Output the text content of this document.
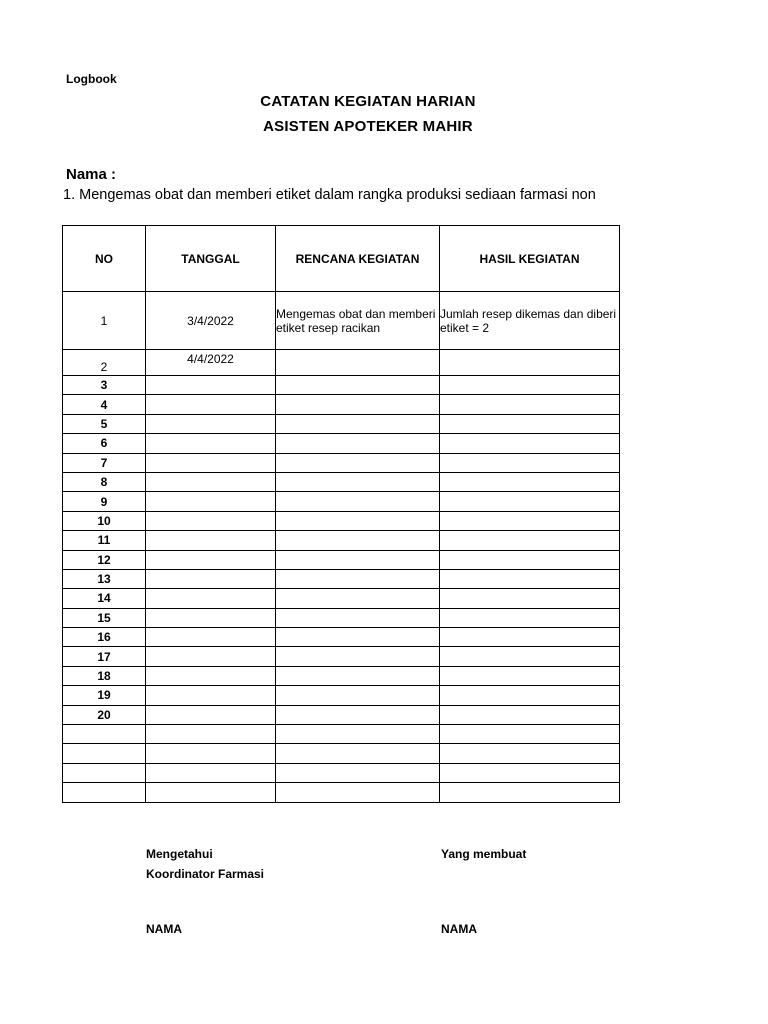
Logbook
CATATAN KEGIATAN HARIAN
ASISTEN APOTEKER MAHIR
Nama :
1. Mengemas obat dan memberi etiket dalam rangka produksi sediaan farmasi non
NO	TANGGAL	RENCANA KEGIATAN	HASIL KEGIATAN
1	3/4/2022	Mengemas obat dan memberi etiket resep racikan	Jumlah resep dikemas dan diberi etiket = 2
2	4/4/2022		
3			
4			
5			
6			
7			
8			
9			
10			
11			
12			
13			
14			
15			
16			
17			
18			
19			
20			

Mengetahui
Koordinator Farmasi
Yang membuat
NAMA	NAMA
